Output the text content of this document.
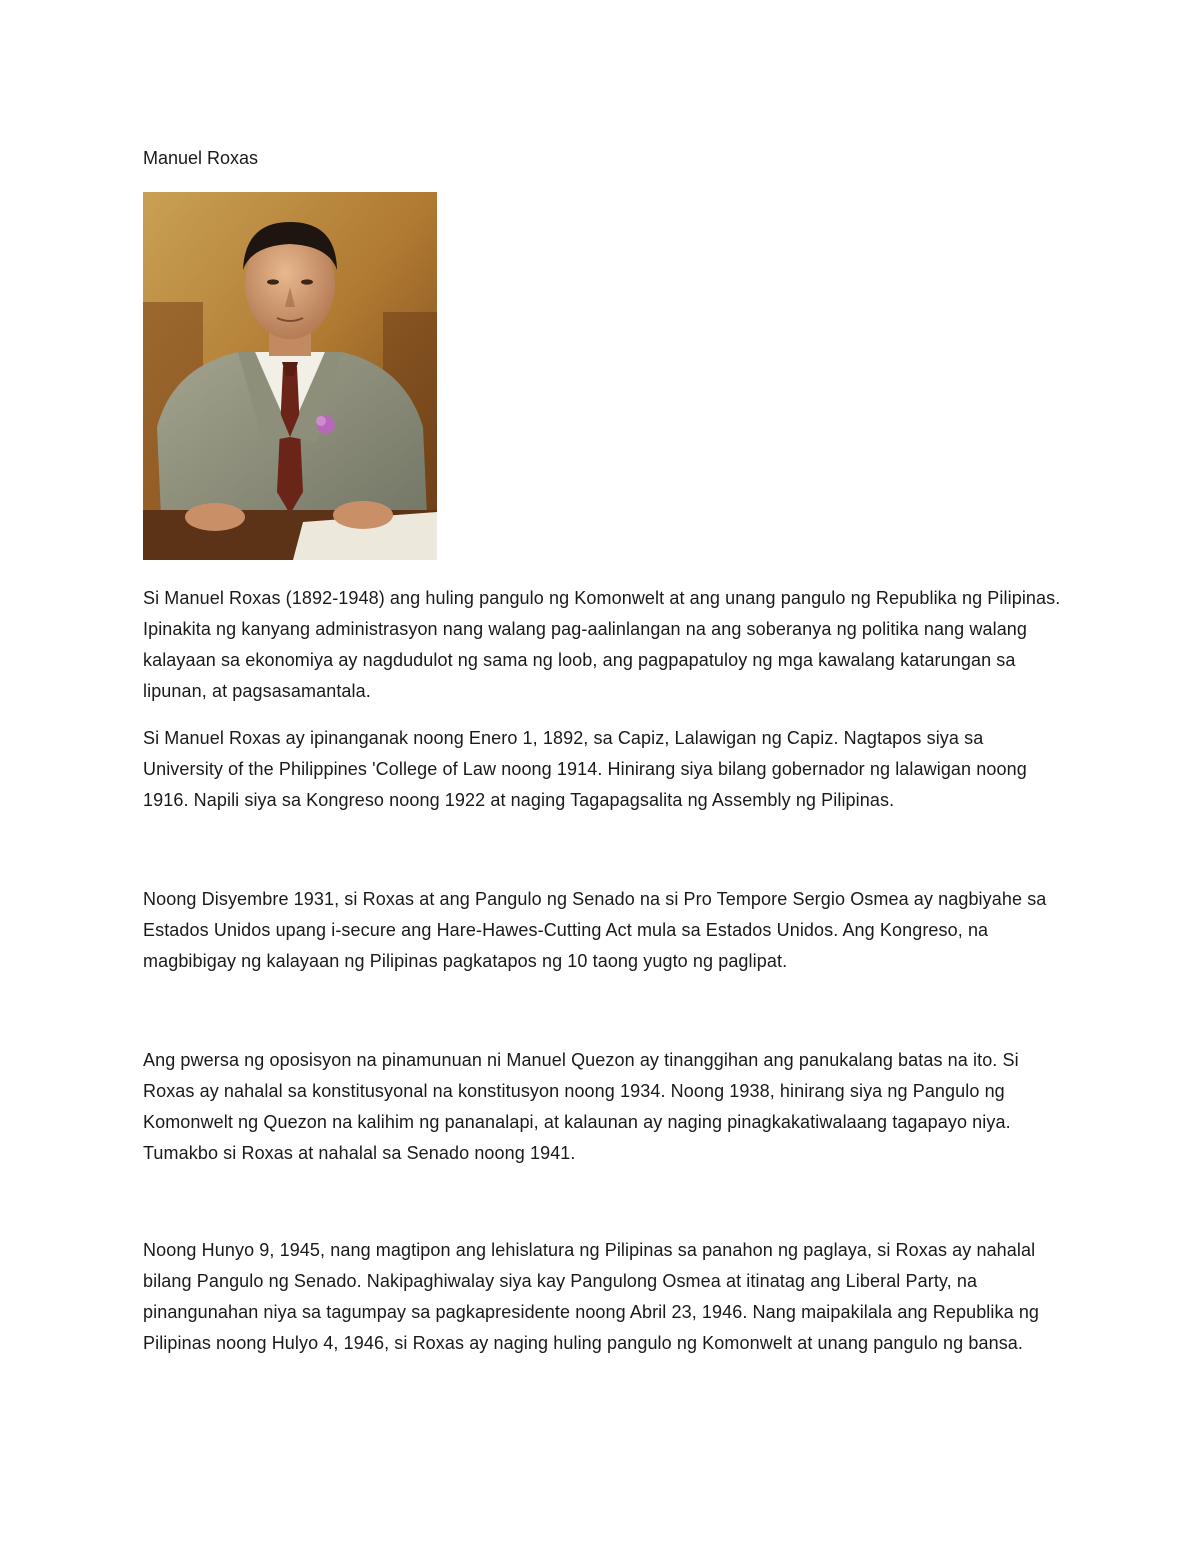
Manuel Roxas

Si Manuel Roxas (1892-1948) ang huling pangulo ng Komonwelt at ang unang pangulo ng Republika ng Pilipinas. Ipinakita ng kanyang administrasyon nang walang pag-aalinlangan na ang soberanya ng politika nang walang kalayaan sa ekonomiya ay nagdudulot ng sama ng loob, ang pagpapatuloy ng mga kawalang katarungan sa lipunan, at pagsasamantala.

Si Manuel Roxas ay ipinanganak noong Enero 1, 1892, sa Capiz, Lalawigan ng Capiz. Nagtapos siya sa University of the Philippines 'College of Law noong 1914. Hinirang siya bilang gobernador ng lalawigan noong 1916. Napili siya sa Kongreso noong 1922 at naging Tagapagsalita ng Assembly ng Pilipinas.

Noong Disyembre 1931, si Roxas at ang Pangulo ng Senado na si Pro Tempore Sergio Osmea ay nagbiyahe sa Estados Unidos upang i-secure ang Hare-Hawes-Cutting Act mula sa Estados Unidos. Ang Kongreso, na magbibigay ng kalayaan ng Pilipinas pagkatapos ng 10 taong yugto ng paglipat.

Ang pwersa ng oposisyon na pinamunuan ni Manuel Quezon ay tinanggihan ang panukalang batas na ito. Si Roxas ay nahalal sa konstitusyonal na konstitusyon noong 1934. Noong 1938, hinirang siya ng Pangulo ng Komonwelt ng Quezon na kalihim ng pananalapi, at kalaunan ay naging pinagkakatiwalaang tagapayo niya. Tumakbo si Roxas at nahalal sa Senado noong 1941.

Noong Hunyo 9, 1945, nang magtipon ang lehislatura ng Pilipinas sa panahon ng paglaya, si Roxas ay nahalal bilang Pangulo ng Senado. Nakipaghiwalay siya kay Pangulong Osmea at itinatag ang Liberal Party, na pinangunahan niya sa tagumpay sa pagkapresidente noong Abril 23, 1946. Nang maipakilala ang Republika ng Pilipinas noong Hulyo 4, 1946, si Roxas ay naging huling pangulo ng Komonwelt at unang pangulo ng bansa.
